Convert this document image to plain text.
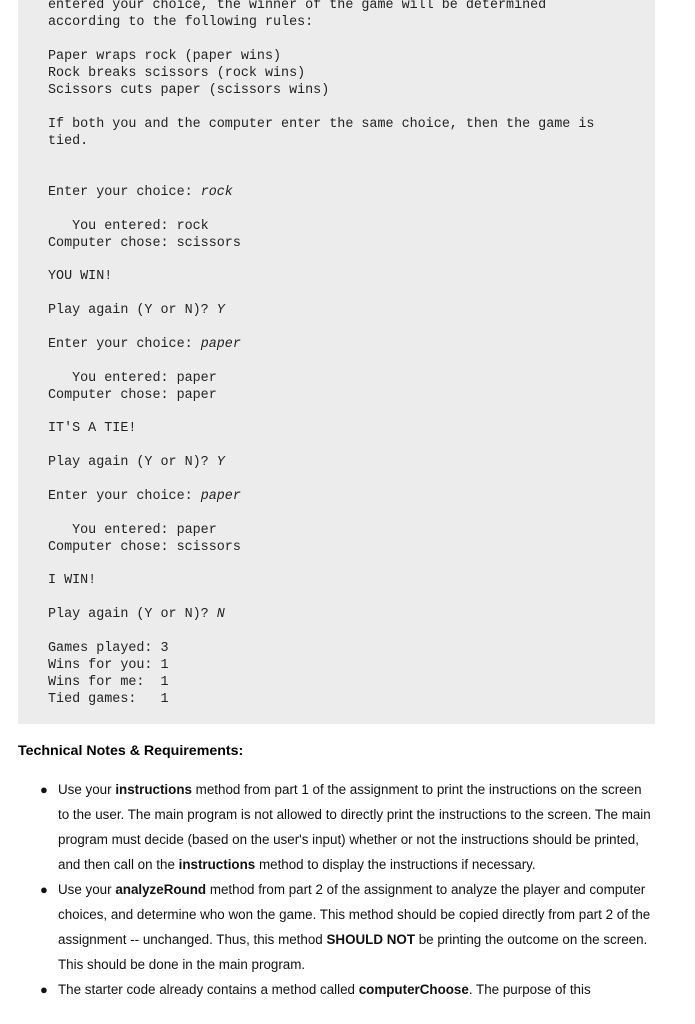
entered your choice, the winner of the game will be determined

according to the following rules:

Paper wraps rock (paper wins)

Rock breaks scissors (rock wins)

Scissors cuts paper (scissors wins)

If both you and the computer enter the same choice, then the game is

tied.

Enter your choice: rock

You entered: rock

Computer chose: scissors

YOU WIN!

Play again (Y or N)? Y

Enter your choice: paper

You entered: paper

Computer chose: paper

IT'S A TIE!

Play again (Y or N)? Y

Enter your choice: paper

You entered: paper

Computer chose: scissors

I WIN!

Play again (Y or N)? N

Games played: 3

Wins for you: 1

Wins for me:  1

Tied games:   1

Technical Notes & Requirements:
● Use your instructions method from part 1 of the assignment to print the instructions on the screen to the user. The main program is not allowed to directly print the instructions to the screen. The main program must decide (based on the user's input) whether or not the instructions should be printed, and then call on the instructions method to display the instructions if necessary.
● Use your analyzeRound method from part 2 of the assignment to analyze the player and computer choices, and determine who won the game. This method should be copied directly from part 2 of the assignment -- unchanged. Thus, this method SHOULD NOT be printing the outcome on the screen. This should be done in the main program.
● The starter code already contains a method called computerChoose. The purpose of this
